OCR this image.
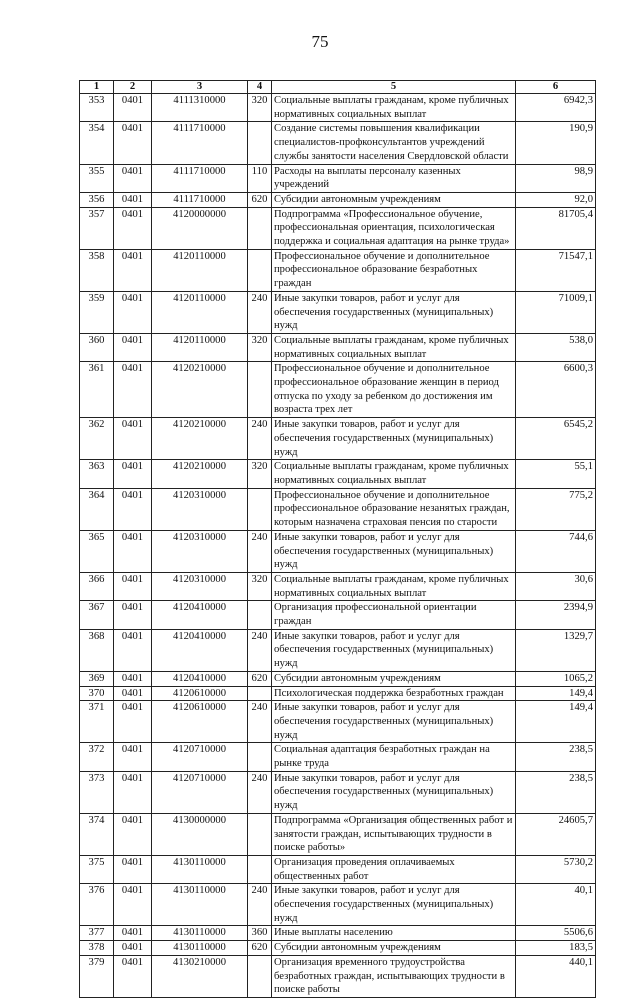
75
1	2	3	4	5	6
353	0401	4111310000	320	Социальные выплаты гражданам, кроме публичных нормативных социальных выплат	6942,3
354	0401	4111710000		Создание системы повышения квалификации специалистов-профконсультантов учреждений службы занятости населения Свердловской области	190,9
355	0401	4111710000	110	Расходы на выплаты персоналу казенных учреждений	98,9
356	0401	4111710000	620	Субсидии автономным учреждениям	92,0
357	0401	4120000000		Подпрограмма «Профессиональное обучение, профессиональная ориентация, психологическая поддержка и социальная адаптация на рынке труда»	81705,4
358	0401	4120110000		Профессиональное обучение и дополнительное профессиональное образование безработных граждан	71547,1
359	0401	4120110000	240	Иные закупки товаров, работ и услуг для обеспечения государственных (муниципальных) нужд	71009,1
360	0401	4120110000	320	Социальные выплаты гражданам, кроме публичных нормативных социальных выплат	538,0
361	0401	4120210000		Профессиональное обучение и дополнительное профессиональное образование женщин в период отпуска по уходу за ребенком до достижения им возраста трех лет	6600,3
362	0401	4120210000	240	Иные закупки товаров, работ и услуг для обеспечения государственных (муниципальных) нужд	6545,2
363	0401	4120210000	320	Социальные выплаты гражданам, кроме публичных нормативных социальных выплат	55,1
364	0401	4120310000		Профессиональное обучение и дополнительное профессиональное образование незанятых граждан, которым назначена страховая пенсия по старости	775,2
365	0401	4120310000	240	Иные закупки товаров, работ и услуг для обеспечения государственных (муниципальных) нужд	744,6
366	0401	4120310000	320	Социальные выплаты гражданам, кроме публичных нормативных социальных выплат	30,6
367	0401	4120410000		Организация профессиональной ориентации граждан	2394,9
368	0401	4120410000	240	Иные закупки товаров, работ и услуг для обеспечения государственных (муниципальных) нужд	1329,7
369	0401	4120410000	620	Субсидии автономным учреждениям	1065,2
370	0401	4120610000		Психологическая поддержка безработных граждан	149,4
371	0401	4120610000	240	Иные закупки товаров, работ и услуг для обеспечения государственных (муниципальных) нужд	149,4
372	0401	4120710000		Социальная адаптация безработных граждан на рынке труда	238,5
373	0401	4120710000	240	Иные закупки товаров, работ и услуг для обеспечения государственных (муниципальных) нужд	238,5
374	0401	4130000000		Подпрограмма «Организация общественных работ и занятости граждан, испытывающих трудности в поиске работы»	24605,7
375	0401	4130110000		Организация проведения оплачиваемых общественных работ	5730,2
376	0401	4130110000	240	Иные закупки товаров, работ и услуг для обеспечения государственных (муниципальных) нужд	40,1
377	0401	4130110000	360	Иные выплаты населению	5506,6
378	0401	4130110000	620	Субсидии автономным учреждениям	183,5
379	0401	4130210000		Организация временного трудоустройства безработных граждан, испытывающих трудности в поиске работы	440,1
